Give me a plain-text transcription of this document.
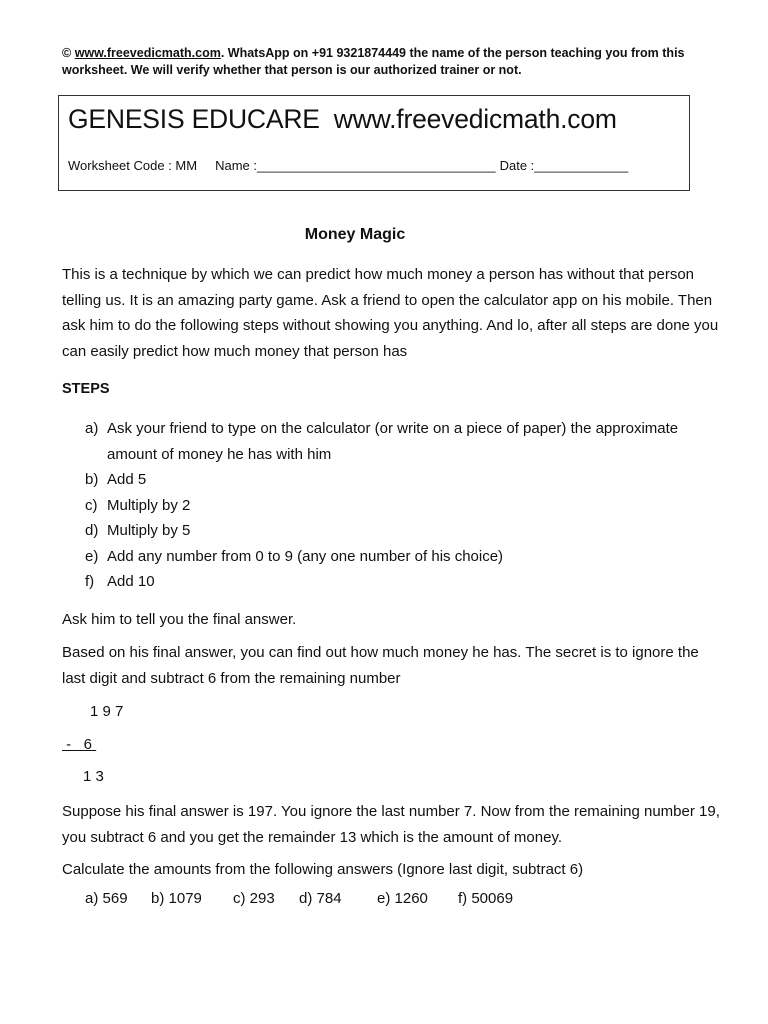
© www.freevedicmath.com. WhatsApp on +91 9321874449 the name of the person teaching you from this worksheet. We will verify whether that person is our authorized trainer or not.
GENESIS EDUCARE www.freevedicmath.com
Worksheet Code : MM Name :_________________________________ Date :_____________
Money Magic
This is a technique by which we can predict how much money a person has without that person telling us. It is an amazing party game. Ask a friend to open the calculator app on his mobile. Then ask him to do the following steps without showing you anything. And lo, after all steps are done you can easily predict how much money that person has
STEPS
a) Ask your friend to type on the calculator (or write on a piece of paper) the approximate amount of money he has with him
b) Add 5
c) Multiply by 2
d) Multiply by 5
e) Add any number from 0 to 9 (any one number of his choice)
f) Add 10
Ask him to tell you the final answer.
Based on his final answer, you can find out how much money he has. The secret is to ignore the last digit and subtract 6 from the remaining number
1 9 7
-   6
1 3
Suppose his final answer is 197. You ignore the last number 7. Now from the remaining number 19, you subtract 6 and you get the remainder 13 which is the amount of money.
Calculate the amounts from the following answers (Ignore last digit, subtract 6)
a) 569 b) 1079 c) 293 d) 784 e) 1260 f) 50069
